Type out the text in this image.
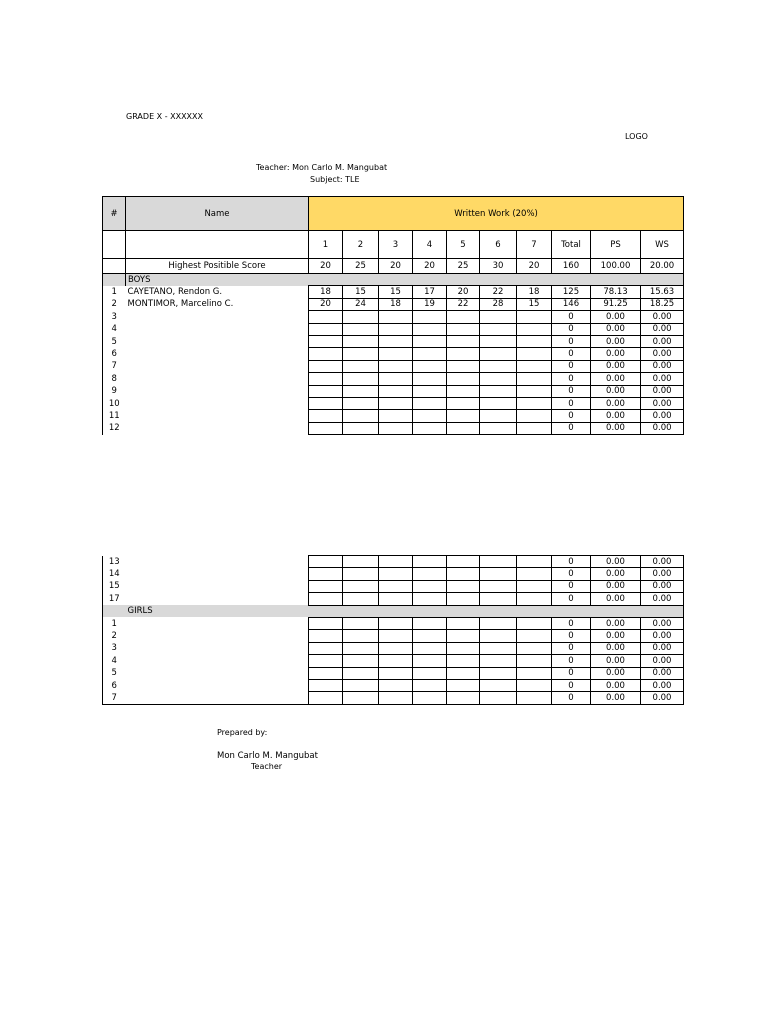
GRADE X - XXXXXX
LOGO
Teacher: Mon Carlo M. Mangubat
Subject: TLE
#	Name	Written Work (20%)									
		1	2	3	4	5	6	7	Total	PS	WS
	Highest Positible Score	20	25	20	20	25	30	20	160	100.00	20.00
	BOYS										
1	CAYETANO, Rendon G.	18	15	15	17	20	22	18	125	78.13	15.63
2	MONTIMOR, Marcelino C.	20	24	18	19	22	28	15	146	91.25	18.25
3									0	0.00	0.00
4									0	0.00	0.00
5									0	0.00	0.00
6									0	0.00	0.00
7									0	0.00	0.00
8									0	0.00	0.00
9									0	0.00	0.00
10									0	0.00	0.00
11									0	0.00	0.00
12									0	0.00	0.00
13									0	0.00	0.00
14									0	0.00	0.00
15									0	0.00	0.00
17									0	0.00	0.00
	GIRLS										
1									0	0.00	0.00
2									0	0.00	0.00
3									0	0.00	0.00
4									0	0.00	0.00
5									0	0.00	0.00
6									0	0.00	0.00
7									0	0.00	0.00
Prepared by:
Mon Carlo M. Mangubat
Teacher
